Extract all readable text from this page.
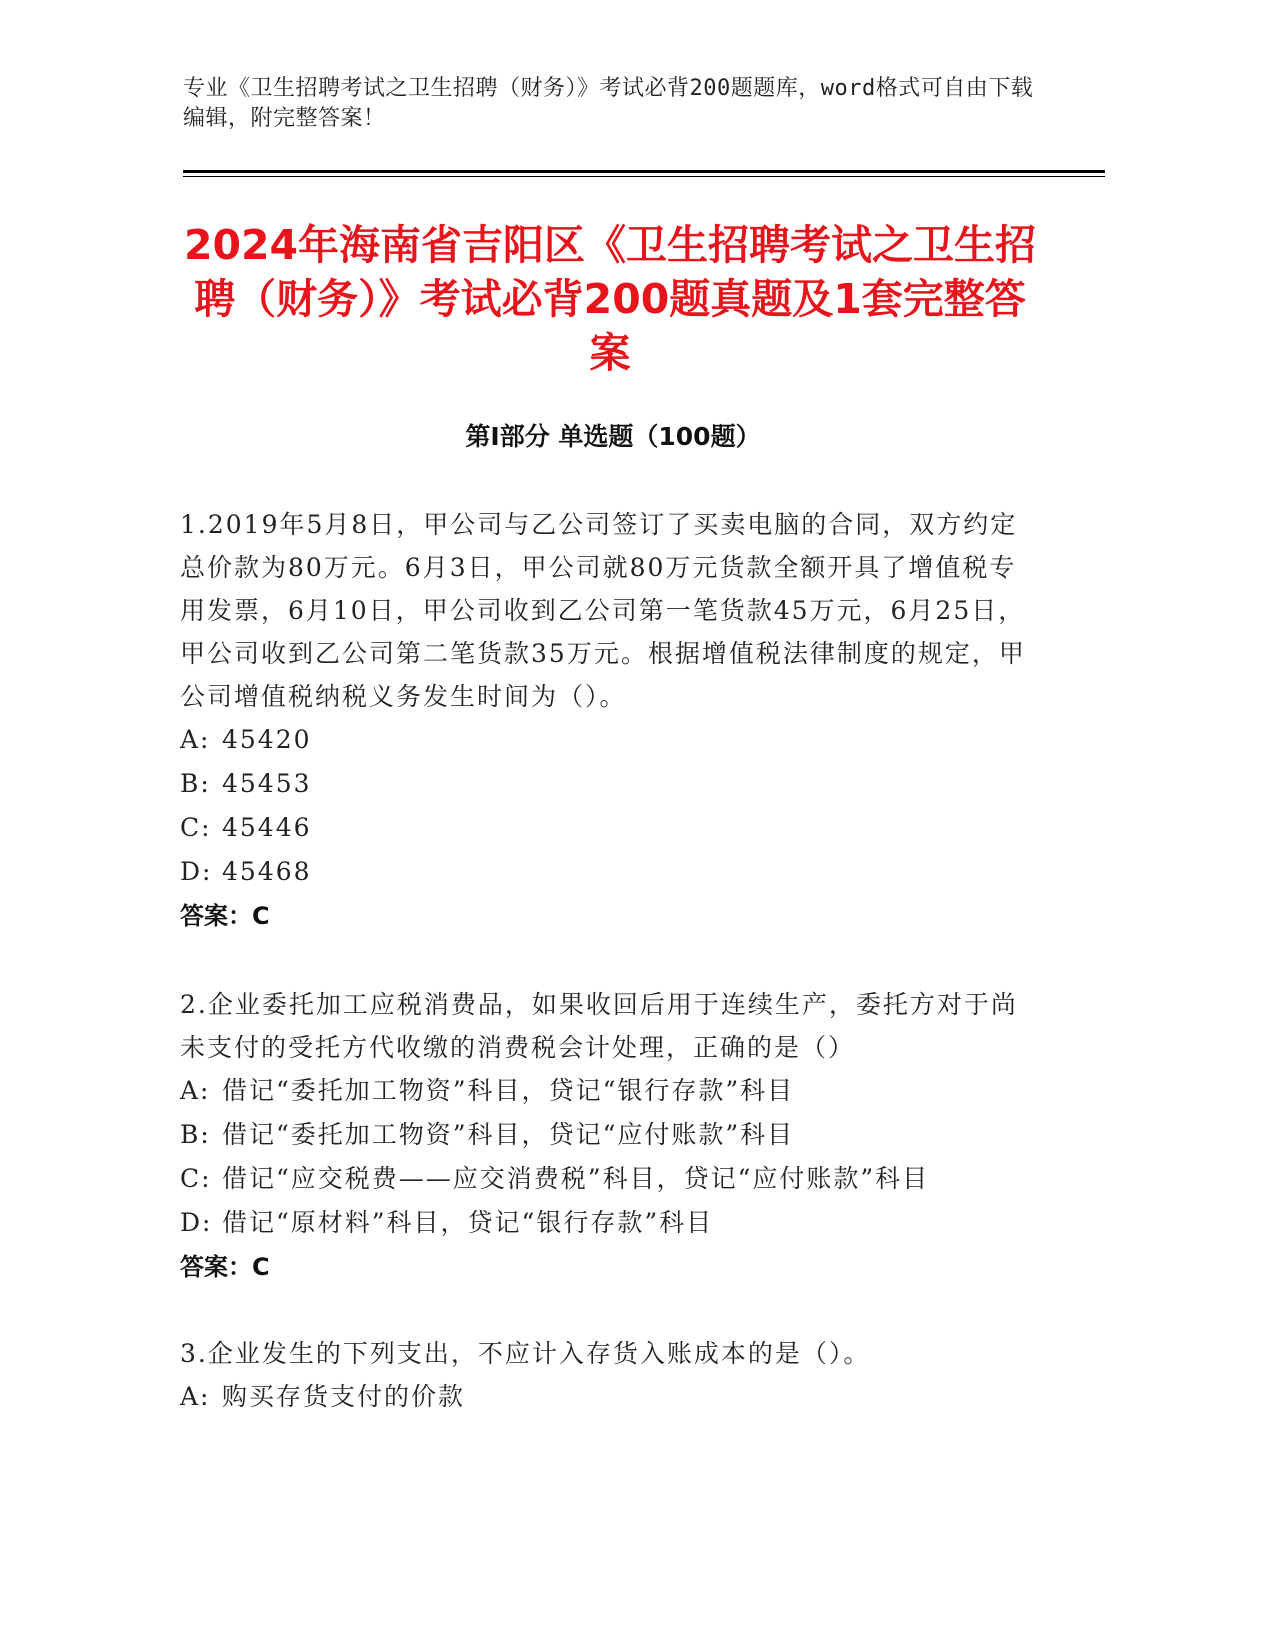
专业《卫生招聘考试之卫生招聘（财务）》考试必背200题题库，word格式可自由下载编辑，附完整答案！
2024年海南省吉阳区《卫生招聘考试之卫生招聘（财务）》考试必背200题真题及1套完整答案
第I部分 单选题（100题）
1.2019年5月8日，甲公司与乙公司签订了买卖电脑的合同，双方约定总价款为80万元。6月3日，甲公司就80万元货款全额开具了增值税专用发票，6月10日，甲公司收到乙公司第一笔货款45万元，6月25日，甲公司收到乙公司第二笔货款35万元。根据增值税法律制度的规定，甲公司增值税纳税义务发生时间为（）。
A: 45420
B: 45453
C: 45446
D: 45468
答案：C
2.企业委托加工应税消费品，如果收回后用于连续生产，委托方对于尚未支付的受托方代收缴的消费税会计处理，正确的是（）
A: 借记“委托加工物资”科目，贷记“银行存款”科目
B: 借记“委托加工物资”科目，贷记“应付账款”科目
C: 借记“应交税费——应交消费税”科目，贷记“应付账款”科目
D: 借记“原材料”科目，贷记“银行存款”科目
答案：C
3.企业发生的下列支出，不应计入存货入账成本的是（）。
A: 购买存货支付的价款
